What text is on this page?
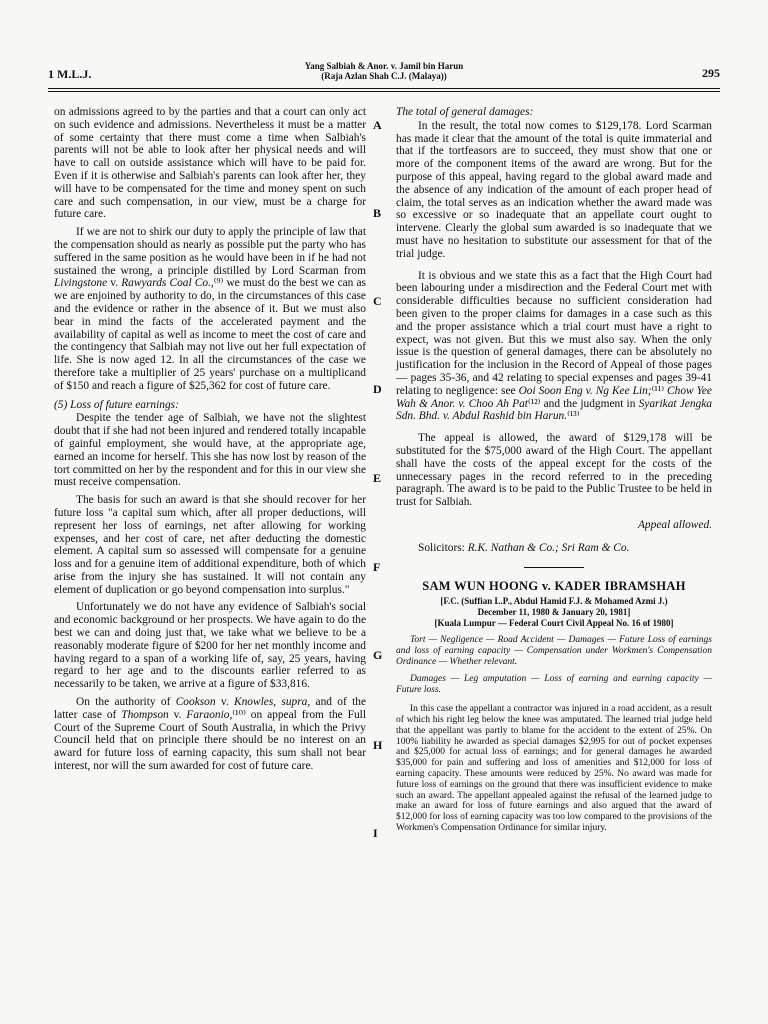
1 M.L.J.
Yang Salbiah & Anor. v. Jamil bin Harun
(Raja Azlan Shah C.J. (Malaya))	295

on admissions agreed to by the parties and that a court can only act on such evidence and admissions. Nevertheless it must be a matter of some certainty that there must come a time when Salbiah's parents will not be able to look after her physical needs and will have to call on outside assistance which will have to be paid for. Even if it is otherwise and Salbiah's parents can look after her, they will have to be compensated for the time and money spent on such care and such compensation, in our view, must be a charge for future care.

If we are not to shirk our duty to apply the principle of law that the compensation should as nearly as possible put the party who has suffered in the same position as he would have been in if he had not sustained the wrong, a principle distilled by Lord Scarman from Livingstone v. Rawyards Coal Co.,⁽⁹⁾ we must do the best we can as we are enjoined by authority to do, in the circumstances of this case and the evidence or rather in the absence of it. But we must also bear in mind the facts of the accelerated payment and the availability of capital as well as income to meet the cost of care and the contingency that Salbiah may not live out her full expectation of life. She is now aged 12. In all the circumstances of the case we therefore take a multiplier of 25 years' purchase on a multiplicand of $150 and reach a figure of $25,362 for cost of future care.

(5) Loss of future earnings:

Despite the tender age of Salbiah, we have not the slightest doubt that if she had not been injured and rendered totally incapable of gainful employment, she would have, at the appropriate age, earned an income for herself. This she has now lost by reason of the tort committed on her by the respondent and for this in our view she must receive compensation.

The basis for such an award is that she should recover for her future loss "a capital sum which, after all proper deductions, will represent her loss of earnings, net after allowing for working expenses, and her cost of care, net after deducting the domestic element. A capital sum so assessed will compensate for a genuine loss and for a genuine item of additional expenditure, both of which arise from the injury she has sustained. It will not contain any element of duplication or go beyond compensation into surplus."

Unfortunately we do not have any evidence of Salbiah's social and economic background or her prospects. We have again to do the best we can and doing just that, we take what we believe to be a reasonably moderate figure of $200 for her net monthly income and having regard to a span of a working life of, say, 25 years, having regard to her age and to the discounts earlier referred to as necessarily to be taken, we arrive at a figure of $33,816.

On the authority of Cookson v. Knowles, supra, and of the latter case of Thompson v. Faraonio,⁽¹⁰⁾ on appeal from the Full Court of the Supreme Court of South Australia, in which the Privy Council held that on principle there should be no interest on an award for future loss of earning capacity, this sum shall not bear interest, nor will the sum awarded for cost of future care.

A
B
C
D
E
F
G
H
I
The total of general damages:

In the result, the total now comes to $129,178. Lord Scarman has made it clear that the amount of the total is quite immaterial and that if the tortfeasors are to succeed, they must show that one or more of the component items of the award are wrong. But for the purpose of this appeal, having regard to the global award made and the absence of any indication of the amount of each proper head of claim, the total serves as an indication whether the award made was so excessive or so inadequate that an appellate court ought to intervene. Clearly the global sum awarded is so inadequate that we must have no hesitation to substitute our assessment for that of the trial judge.

It is obvious and we state this as a fact that the High Court had been labouring under a misdirection and the Federal Court met with considerable difficulties because no sufficient consideration had been given to the proper claims for damages in a case such as this and the proper assistance which a trial court must have a right to expect, was not given. But this we must also say. When the only issue is the question of general damages, there can be absolutely no justification for the inclusion in the Record of Appeal of those pages — pages 35-36, and 42 relating to special expenses and pages 39-41 relating to negligence: see Ooi Soon Eng v. Ng Kee Lin;⁽¹¹⁾ Chow Yee Wah & Anor. v. Choo Ah Pat⁽¹²⁾ and the judgment in Syarikat Jengka Sdn. Bhd. v. Abdul Rashid bin Harun.⁽¹³⁾

The appeal is allowed, the award of $129,178 will be substituted for the $75,000 award of the High Court. The appellant shall have the costs of the appeal except for the costs of the unnecessary pages in the record referred to in the preceding paragraph. The award is to be paid to the Public Trustee to be held in trust for Salbiah.

Appeal allowed.
Solicitors: R.K. Nathan & Co.; Sri Ram & Co.
SAM WUN HOONG v. KADER IBRAMSHAH
[F.C. (Suffian L.P., Abdul Hamid F.J. & Mohamed Azmi J.)
December 11, 1980 & January 20, 1981]
[Kuala Lumpur — Federal Court Civil Appeal No. 16 of 1980]
Tort — Negligence — Road Accident — Damages — Future Loss of earnings and loss of earning capacity — Compensation under Workmen's Compensation Ordinance — Whether relevant.
Damages — Leg amputation — Loss of earning and earning capacity — Future loss.
In this case the appellant a contractor was injured in a road accident, as a result of which his right leg below the knee was amputated. The learned trial judge held that the appellant was partly to blame for the accident to the extent of 25%. On 100% liability he awarded as special damages $2,995 for out of pocket expenses and $25,000 for actual loss of earnings; and for general damages he awarded $35,000 for pain and suffering and loss of amenities and $12,000 for loss of earning capacity. These amounts were reduced by 25%. No award was made for future loss of earnings on the ground that there was insufficient evidence to make such an award. The appellant appealed against the refusal of the learned judge to make an award for loss of future earnings and also argued that the award of $12,000 for loss of earning capacity was too low compared to the provisions of the Workmen's Compensation Ordinance for similar injury.
